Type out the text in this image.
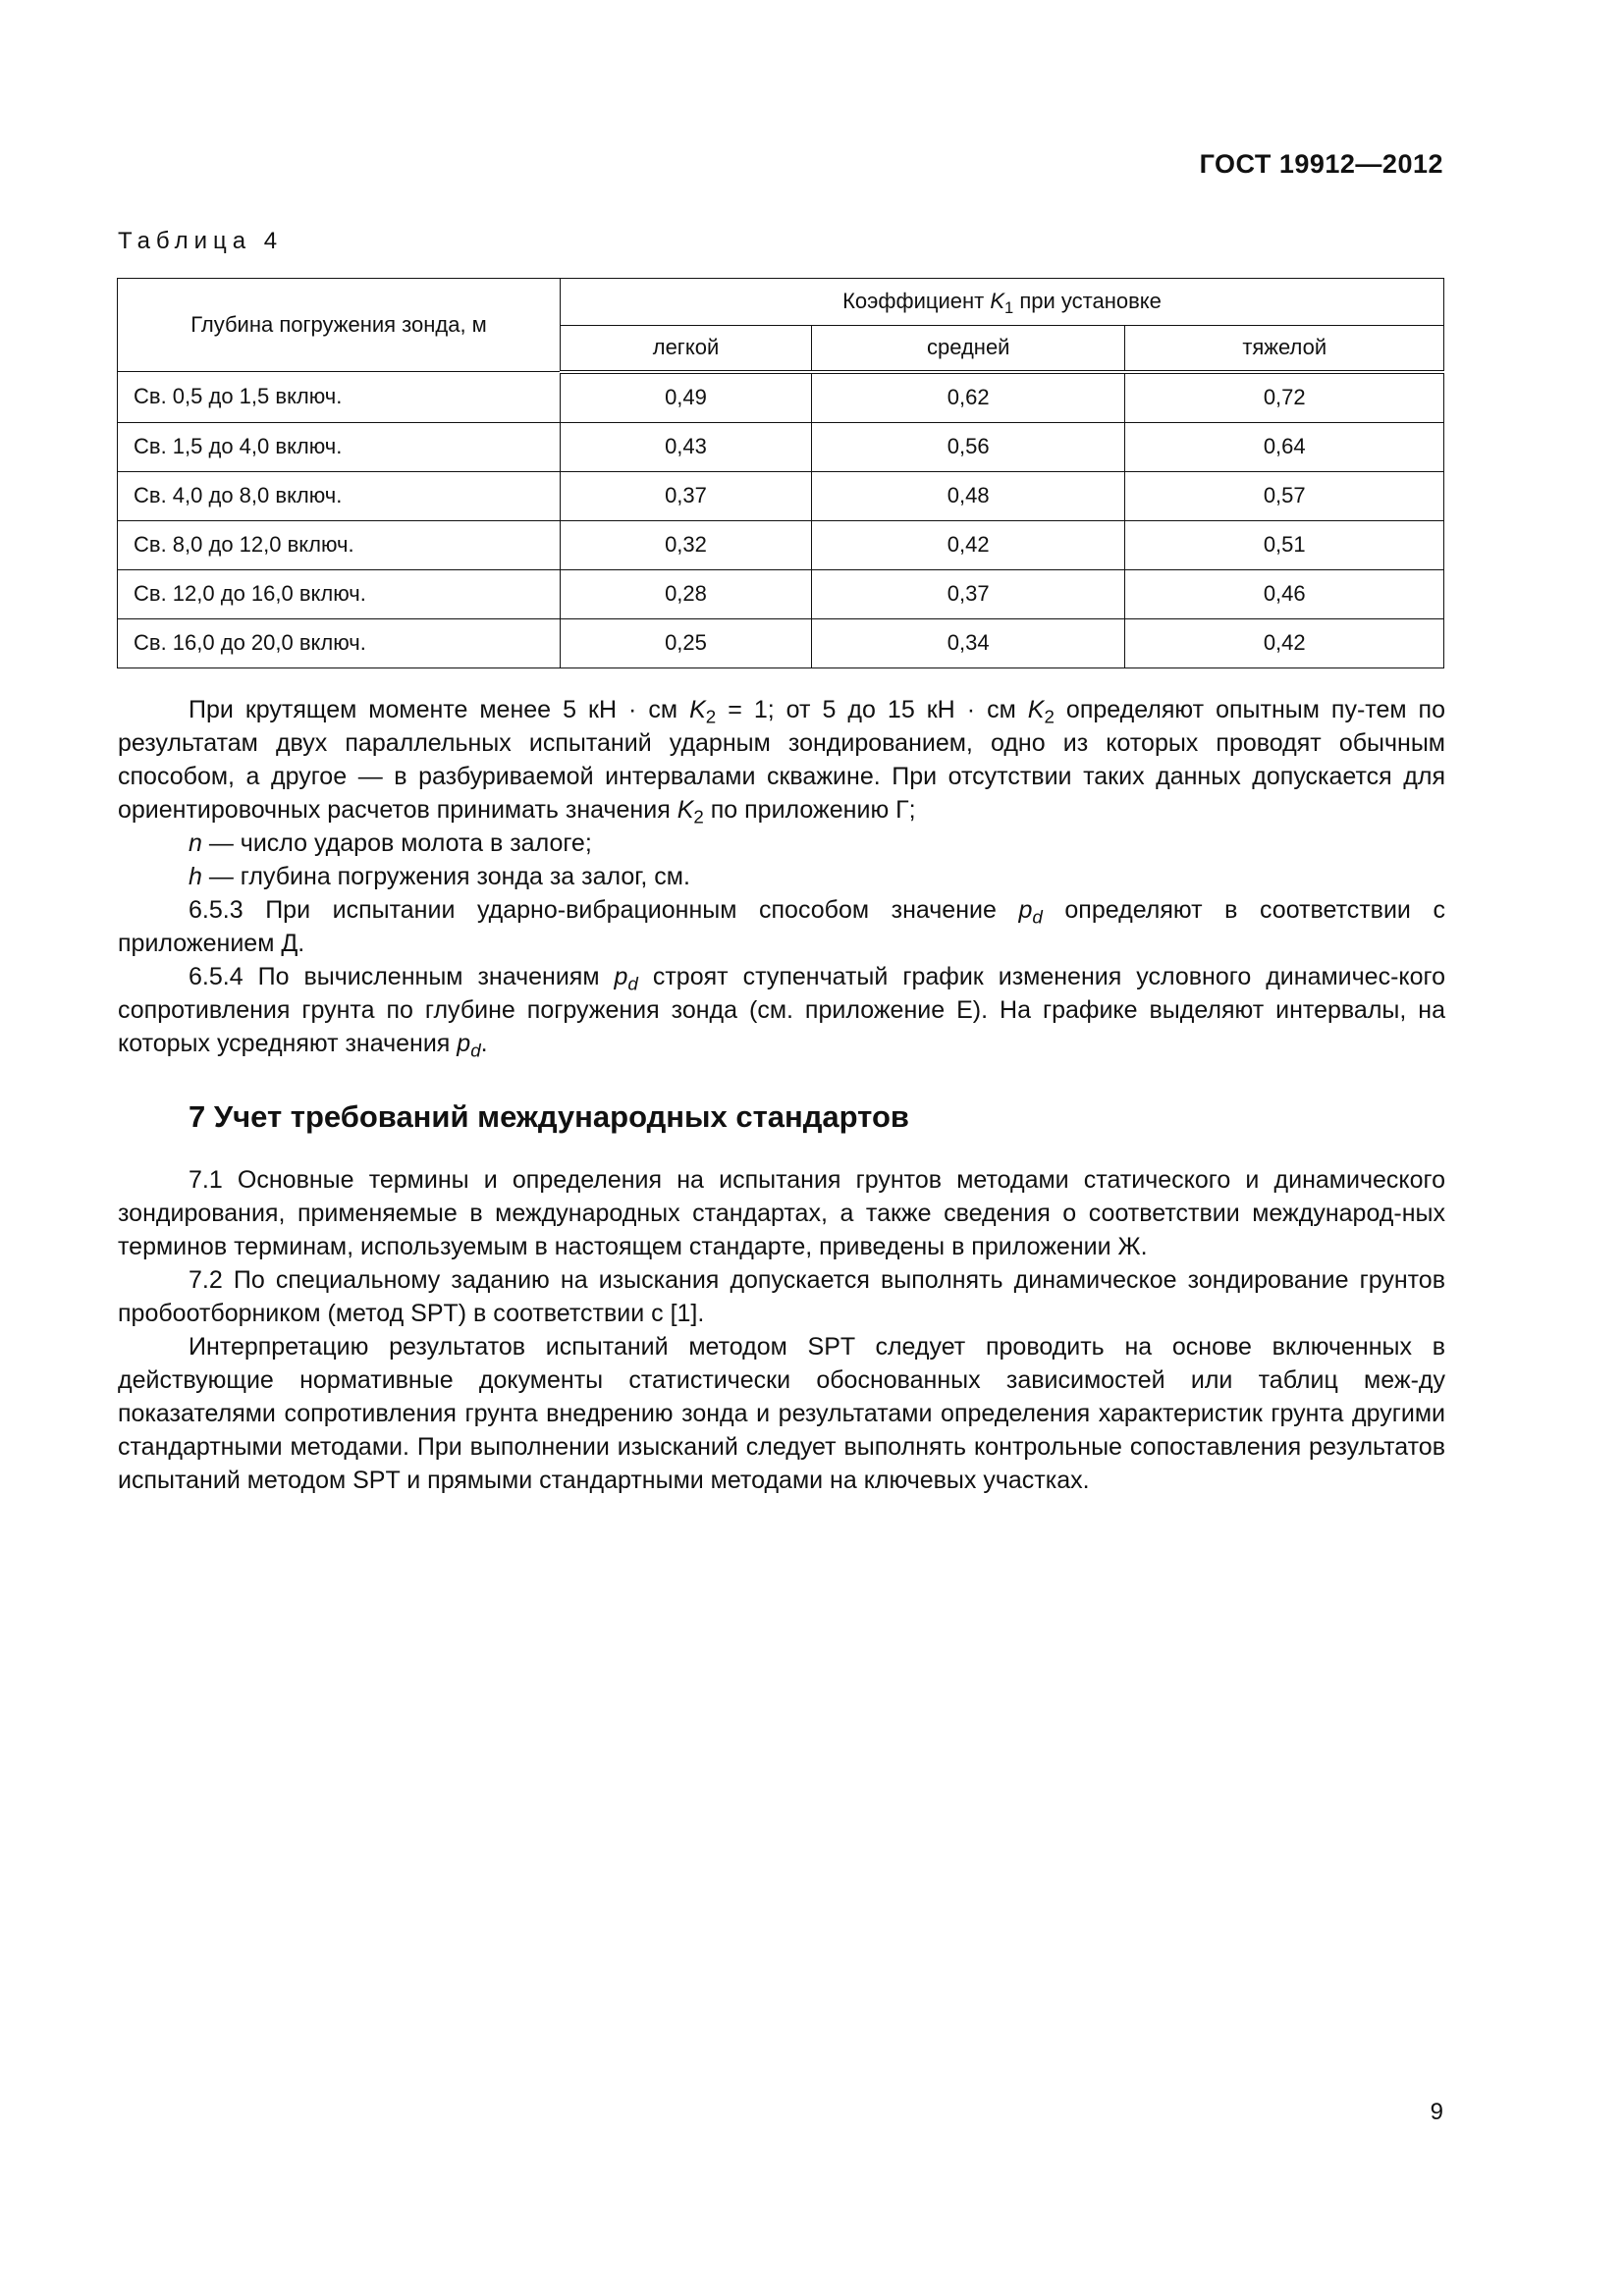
ГОСТ 19912—2012
Таблица 4
Глубина погружения зонда, м	Коэффициент $K_1$ при установке		
	легкой	средней	тяжелой
Св. 0,5 до 1,5 включ.	0,49	0,62	0,72
Св. 1,5 до 4,0 включ.	0,43	0,56	0,64
Св. 4,0 до 8,0 включ.	0,37	0,48	0,57
Св. 8,0 до 12,0 включ.	0,32	0,42	0,51
Св. 12,0 до 16,0 включ.	0,28	0,37	0,46
Св. 16,0 до 20,0 включ.	0,25	0,34	0,42

При крутящем моменте менее 5 кН · см $K_2 = 1$; от 5 до 15 кН · см $K_2$ определяют опытным пу-тем по результатам двух параллельных испытаний ударным зондированием, одно из которых проводят обычным способом, а другое — в разбуриваемой интервалами скважине. При отсутствии таких данных допускается для ориентировочных расчетов принимать значения $K_2$ по приложению Г;

n — число ударов молота в залоге;

h — глубина погружения зонда за залог, см.

6.5.3 При испытании ударно-вибрационным способом значение $p_d$ определяют в соответствии с приложением Д.

6.5.4 По вычисленным значениям $p_d$ строят ступенчатый график изменения условного динамичес-кого сопротивления грунта по глубине погружения зонда (см. приложение Е). На графике выделяют интервалы, на которых усредняют значения $p_d$.

7 Учет требований международных стандартов

7.1 Основные термины и определения на испытания грунтов методами статического и динамического зондирования, применяемые в международных стандартах, а также сведения о соответствии международ-ных терминов терминам, используемым в настоящем стандарте, приведены в приложении Ж.

7.2 По специальному заданию на изыскания допускается выполнять динамическое зондирование грунтов пробоотборником (метод SPT) в соответствии с [1].

Интерпретацию результатов испытаний методом SPT следует проводить на основе включенных в действующие нормативные документы статистически обоснованных зависимостей или таблиц меж-ду показателями сопротивления грунта внедрению зонда и результатами определения характеристик грунта другими стандартными методами. При выполнении изысканий следует выполнять контрольные сопоставления результатов испытаний методом SPT и прямыми стандартными методами на ключевых участках.

9
